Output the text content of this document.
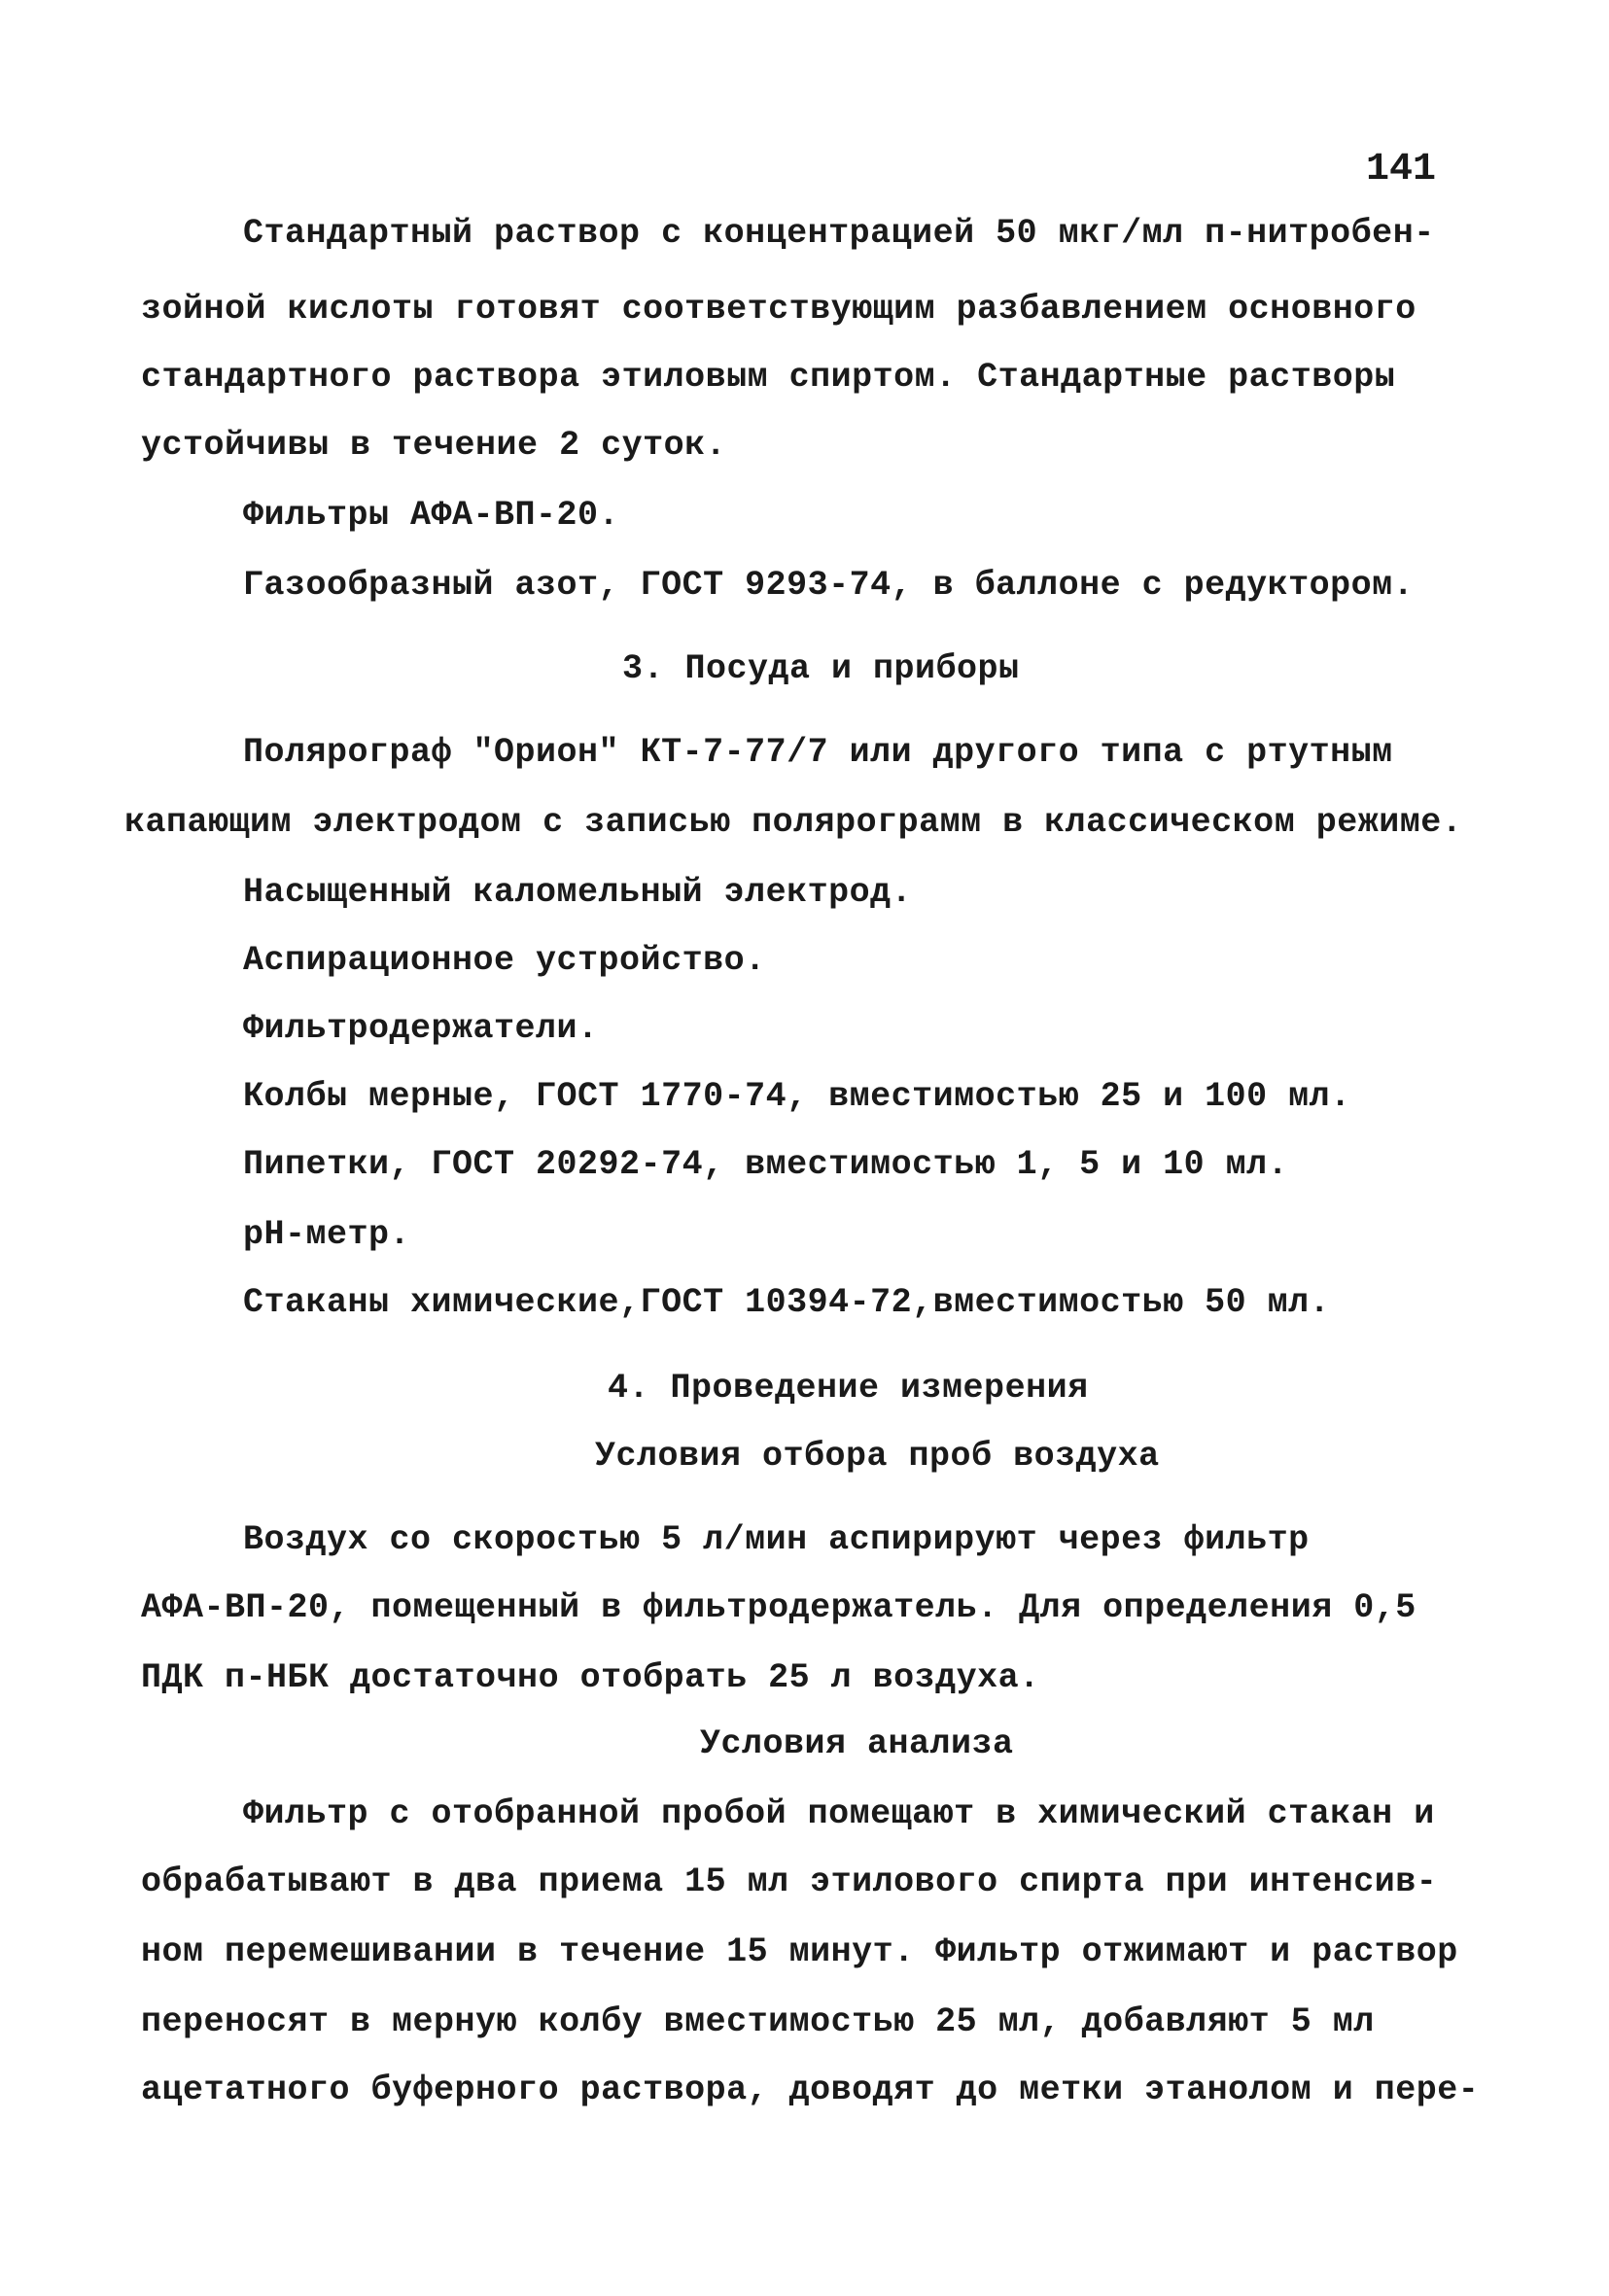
141
Стандартный раствор с концентрацией 50 мкг/мл п-нитробен-
зойной кислоты готовят соответствующим разбавлением основного
стандартного раствора этиловым спиртом. Стандартные растворы
устойчивы в течение 2 суток.
Фильтры АФА-ВП-20.
Газообразный азот, ГОСТ 9293-74, в баллоне с редуктором.
3. Посуда и приборы
Полярограф "Орион" КТ-7-77/7 или другого типа с ртутным
капающим электродом с записью полярограмм в классическом режиме.
Насыщенный каломельный электрод.
Аспирационное устройство.
Фильтродержатели.
Колбы мерные, ГОСТ 1770-74, вместимостью 25 и 100 мл.
Пипетки, ГОСТ 20292-74, вместимостью 1, 5 и 10 мл.
рН-метр.
Стаканы химические,ГОСТ 10394-72,вместимостью 50 мл.
4. Проведение измерения
Условия отбора проб воздуха
Воздух со скоростью 5 л/мин аспирируют через фильтр
АФА-ВП-20, помещенный в фильтродержатель. Для определения 0,5
ПДК п-НБК достаточно отобрать 25 л воздуха.
Условия анализа
Фильтр с отобранной пробой помещают в химический стакан и
обрабатывают в два приема 15 мл этилового спирта при интенсив-
ном перемешивании в течение 15 минут. Фильтр отжимают и раствор
переносят в мерную колбу вместимостью 25 мл, добавляют 5 мл
ацетатного буферного раствора, доводят до метки этанолом и пере-
